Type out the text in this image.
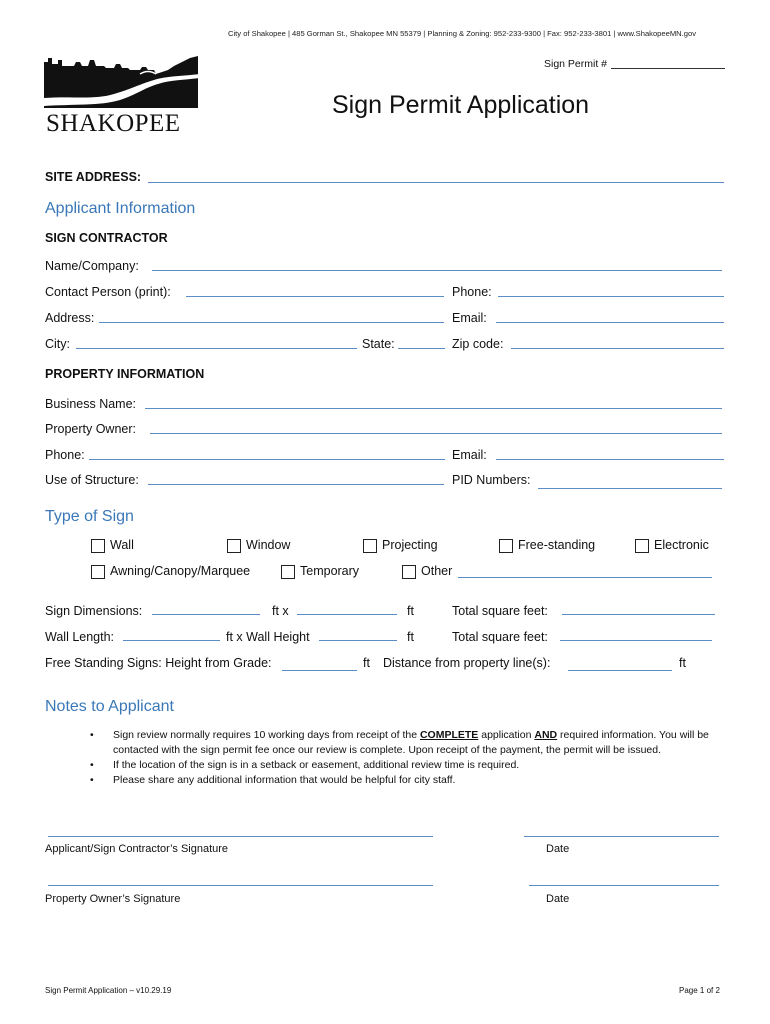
City of Shakopee | 485 Gorman St., Shakopee MN 55379 | Planning & Zoning: 952-233-9300 | Fax: 952-233-3801 | www.ShakopeeMN.gov
SHAKOPEE
Sign Permit #
Sign Permit Application
SITE ADDRESS:
Applicant Information
SIGN CONTRACTOR
Name/Company:
Contact Person (print):	Phone:
Address:	Email:
City:	State:	Zip code:
PROPERTY INFORMATION
Business Name:
Property Owner:
Phone:	Email:
Use of Structure:	PID Numbers:
Type of Sign
Wall	Window	Projecting	Free-standing	Electronic
Awning/Canopy/Marquee	Temporary	Other
Sign Dimensions:	ft x	ft	Total square feet:
Wall Length:	ft x Wall Height	ft	Total square feet:
Free Standing Signs: Height from Grade:	ft Distance from property line(s):	ft
Notes to Applicant
• Sign review normally requires 10 working days from receipt of the COMPLETE application AND required information. You will be contacted with the sign permit fee once our review is complete. Upon receipt of the payment, the permit will be issued.
• If the location of the sign is in a setback or easement, additional review time is required.
• Please share any additional information that would be helpful for city staff.
Applicant/Sign Contractor’s Signature	Date
Property Owner’s Signature	Date
Sign Permit Application – v10.29.19	Page 1 of 2
